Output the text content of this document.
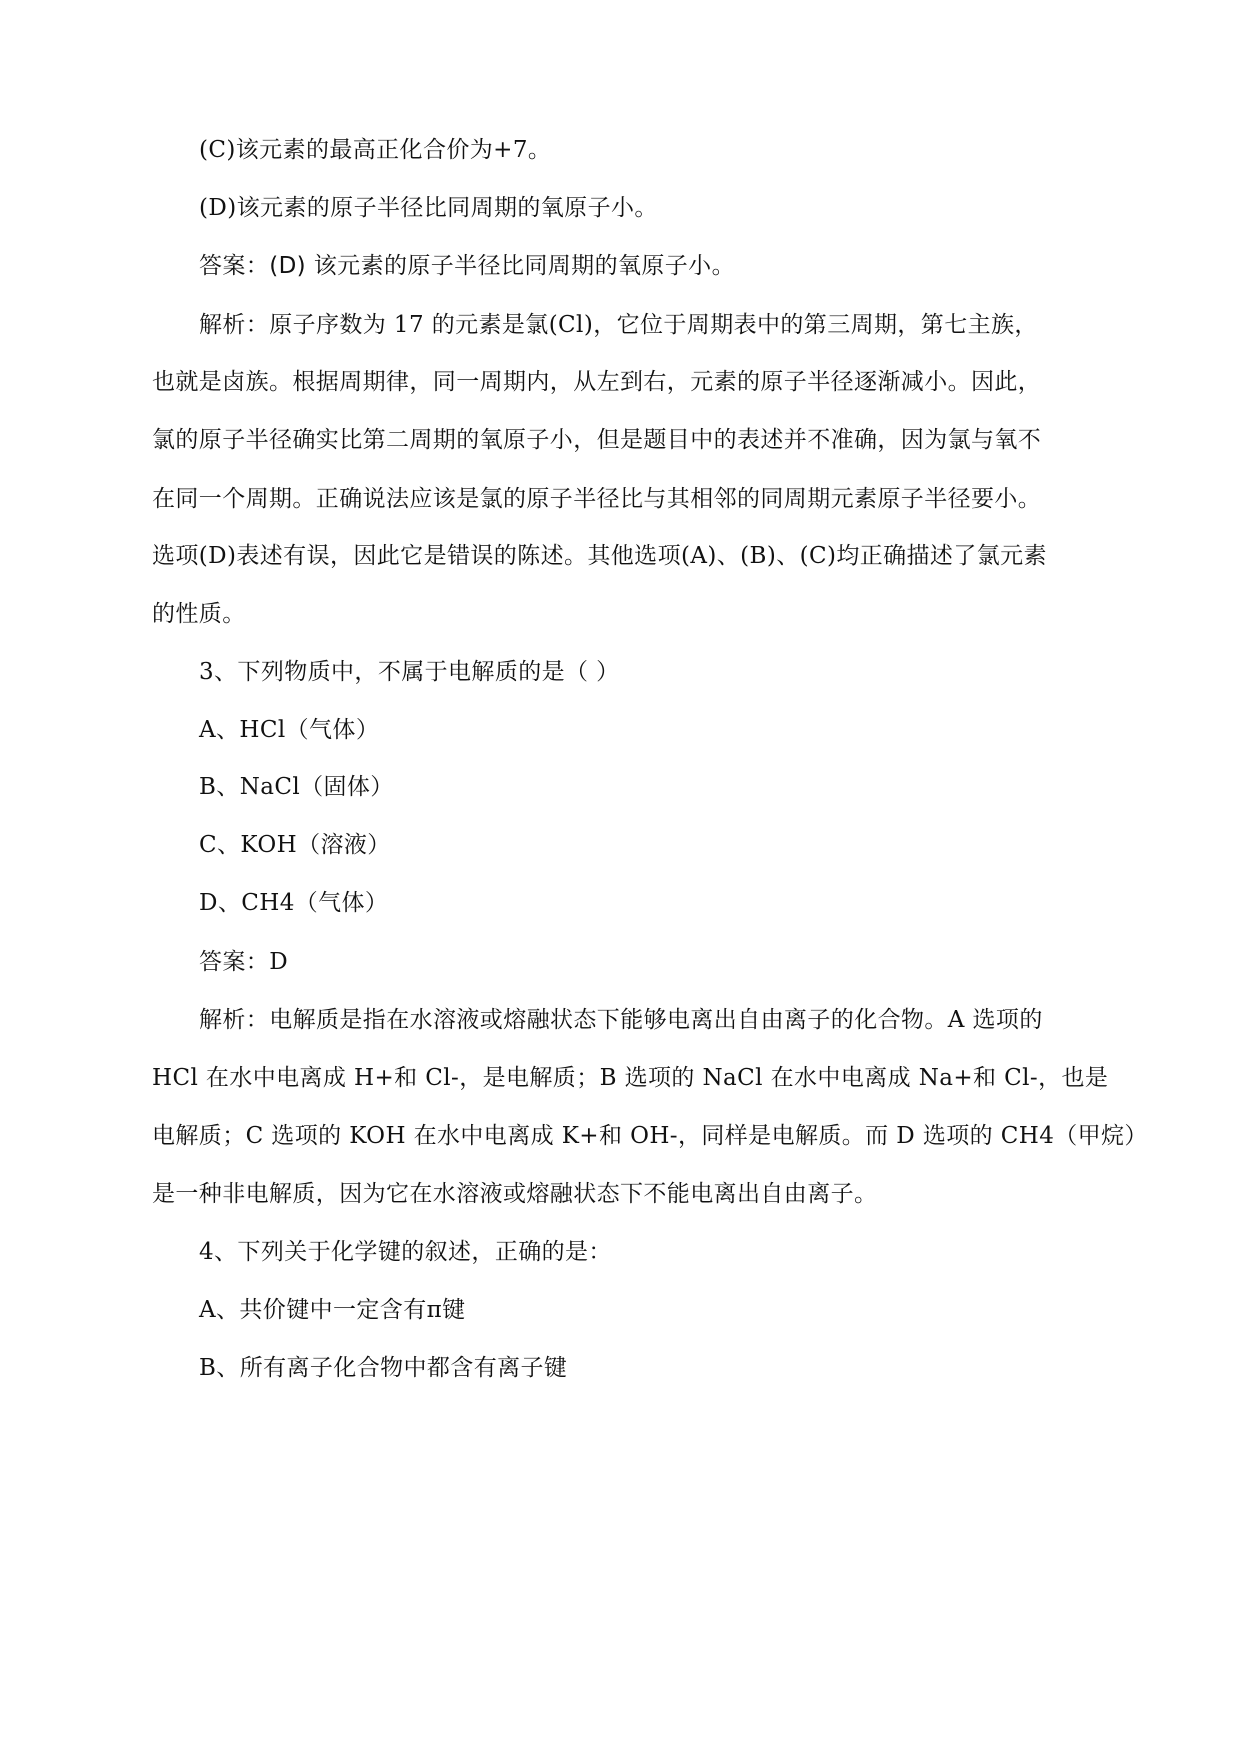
(C)该元素的最高正化合价为+7。
(D)该元素的原子半径比同周期的氧原子小。
答案：(D) 该元素的原子半径比同周期的氧原子小。
解析：原子序数为 17 的元素是氯(Cl)，它位于周期表中的第三周期，第七主族，
也就是卤族。根据周期律，同一周期内，从左到右，元素的原子半径逐渐减小。因此，
氯的原子半径确实比第二周期的氧原子小，但是题目中的表述并不准确，因为氯与氧不
在同一个周期。正确说法应该是氯的原子半径比与其相邻的同周期元素原子半径要小。
选项(D)表述有误，因此它是错误的陈述。其他选项(A)、(B)、(C)均正确描述了氯元素
的性质。
3、下列物质中，不属于电解质的是（ ）
A、HCl（气体）
B、NaCl（固体）
C、KOH（溶液）
D、CH4（气体）
答案：D
解析：电解质是指在水溶液或熔融状态下能够电离出自由离子的化合物。A 选项的
HCl 在水中电离成 H+和 Cl-，是电解质；B 选项的 NaCl 在水中电离成 Na+和 Cl-，也是
电解质；C 选项的 KOH 在水中电离成 K+和 OH-，同样是电解质。而 D 选项的 CH4（甲烷）
是一种非电解质，因为它在水溶液或熔融状态下不能电离出自由离子。
4、下列关于化学键的叙述，正确的是：
A、共价键中一定含有π键
B、所有离子化合物中都含有离子键
